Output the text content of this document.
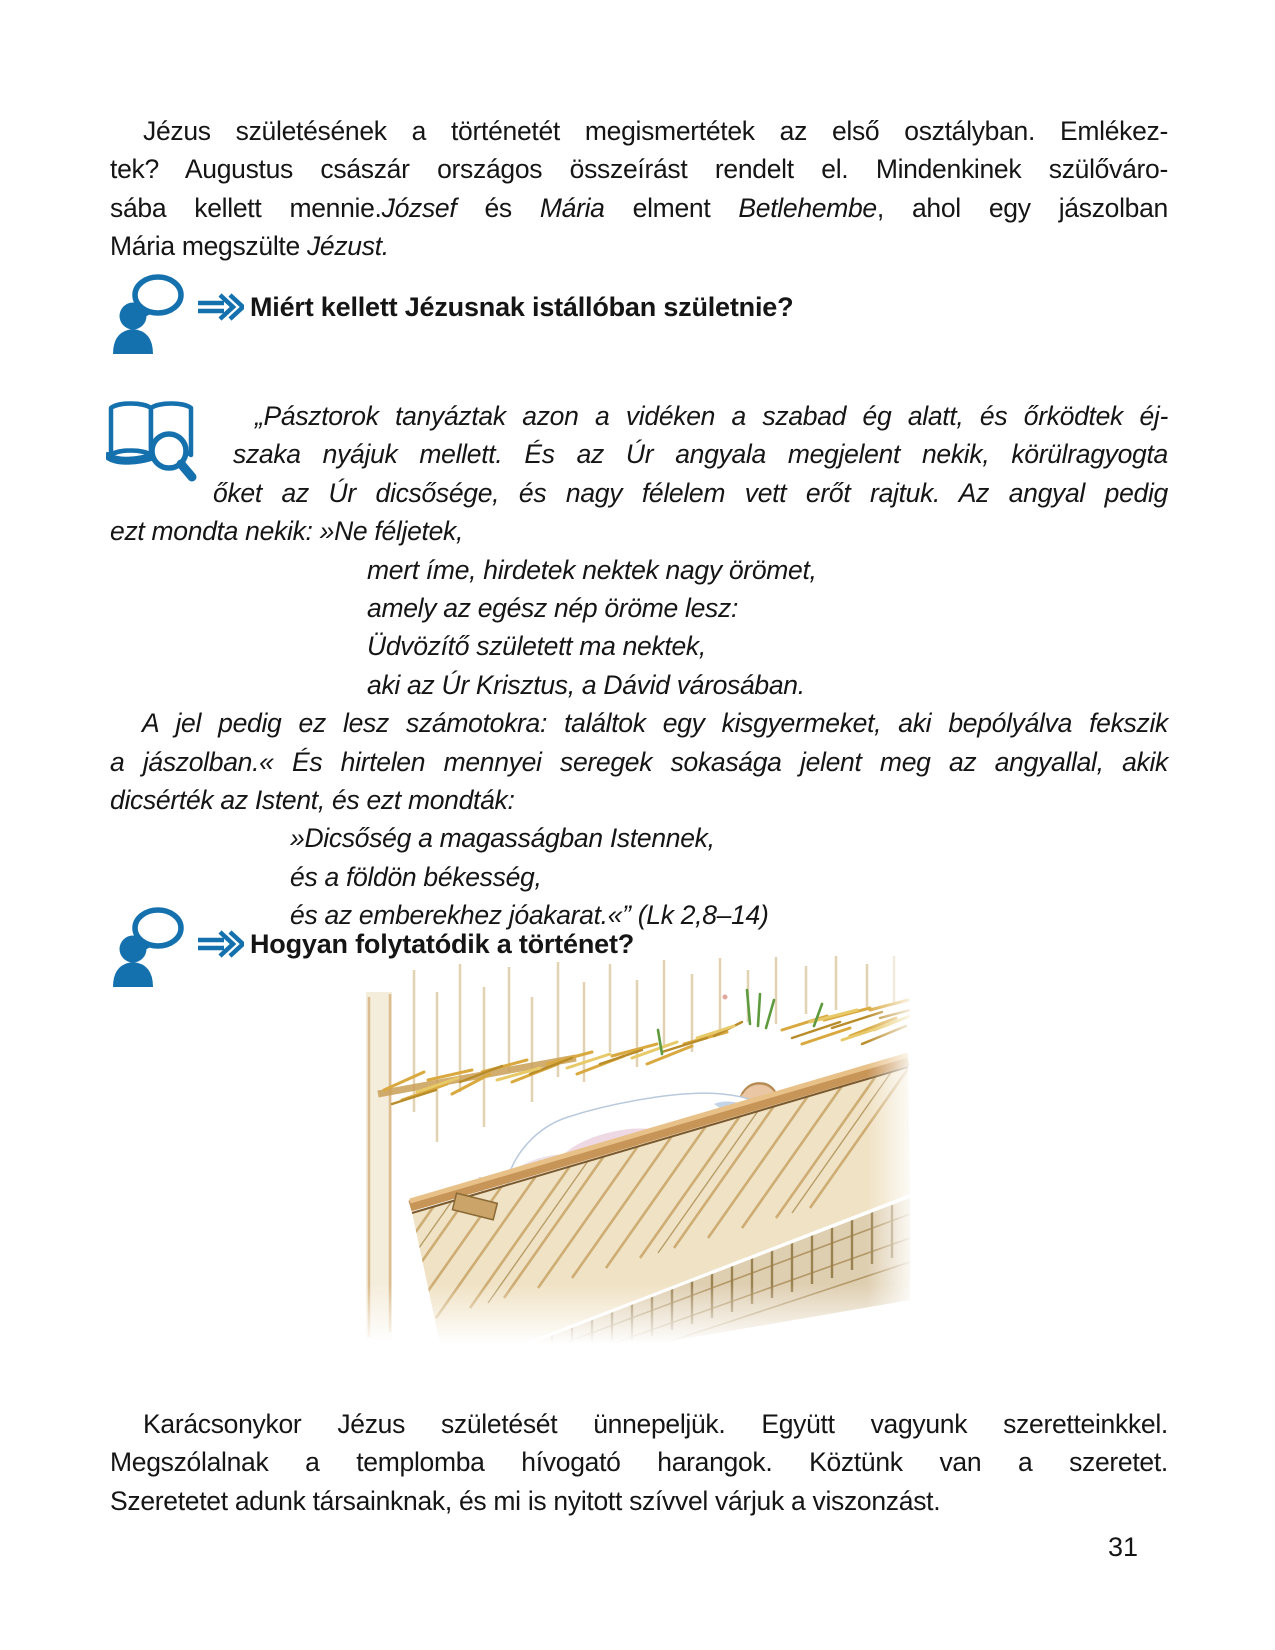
Jézus születésének a történetét megismertétek az első osztályban. Emlékez-
tek? Augustus császár országos összeírást rendelt el. Mindenkinek szülőváro-
sába kellett mennie.József és Mária elment Betlehembe, ahol egy jászolban
Mária megszülte Jézust.
Miért kellett Jézusnak istállóban születnie?
„Pásztorok tanyáztak azon a vidéken a szabad ég alatt, és őrködtek éj-
szaka nyájuk mellett. És az Úr angyala megjelent nekik, körülragyogta
őket az Úr dicsősége, és nagy félelem vett erőt rajtuk. Az angyal pedig
ezt mondta nekik: »Ne féljetek,
mert íme, hirdetek nektek nagy örömet,
amely az egész nép öröme lesz:
Üdvözítő született ma nektek,
aki az Úr Krisztus, a Dávid városában.
A jel pedig ez lesz számotokra: találtok egy kisgyermeket, aki bepólyálva fekszik
a jászolban.« És hirtelen mennyei seregek sokasága jelent meg az angyallal, akik
dicsérték az Istent, és ezt mondták:
»Dicsőség a magasságban Istennek,
és a földön békesség,
és az emberekhez jóakarat.«” (Lk 2,8–14)
Hogyan folytatódik a történet?
Karácsonykor Jézus születését ünnepeljük. Együtt vagyunk szeretteinkkel.
Megszólalnak a templomba hívogató harangok. Köztünk van a szeretet.
Szeretetet adunk társainknak, és mi is nyitott szívvel várjuk a viszonzást.
31
